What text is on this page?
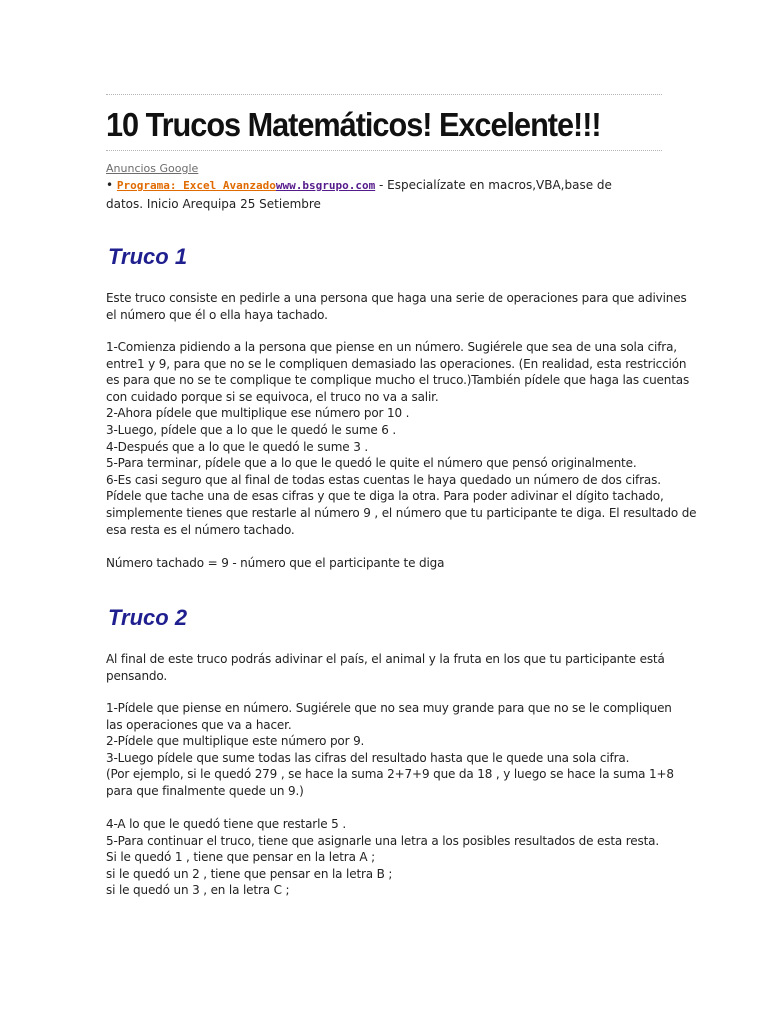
10 Trucos Matemáticos! Excelente!!!
Anuncios Google
• Programa: Excel Avanzadowww.bsgrupo.com - Especialízate en macros,VBA,base de
datos. Inicio Arequipa 25 Setiembre
Truco 1
Este truco consiste en pedirle a una persona que haga una serie de operaciones para que adivines
el número que él o ella haya tachado.
1-Comienza pidiendo a la persona que piense en un número. Sugiérele que sea de una sola cifra,
entre1 y 9, para que no se le compliquen demasiado las operaciones. (En realidad, esta restricción
es para que no se te complique te complique mucho el truco.)También pídele que haga las cuentas
con cuidado porque si se equivoca, el truco no va a salir.
2-Ahora pídele que multiplique ese número por 10 .
3-Luego, pídele que a lo que le quedó le sume 6 .
4-Después que a lo que le quedó le sume 3 .
5-Para terminar, pídele que a lo que le quedó le quite el número que pensó originalmente.
6-Es casi seguro que al final de todas estas cuentas le haya quedado un número de dos cifras.
Pídele que tache una de esas cifras y que te diga la otra. Para poder adivinar el dígito tachado,
simplemente tienes que restarle al número 9 , el número que tu participante te diga. El resultado de
esa resta es el número tachado.
Número tachado = 9 - número que el participante te diga
Truco 2
Al final de este truco podrás adivinar el país, el animal y la fruta en los que tu participante está
pensando.
1-Pídele que piense en número. Sugiérele que no sea muy grande para que no se le compliquen
las operaciones que va a hacer.
2-Pídele que multiplique este número por 9.
3-Luego pídele que sume todas las cifras del resultado hasta que le quede una sola cifra.
(Por ejemplo, si le quedó 279 , se hace la suma 2+7+9 que da 18 , y luego se hace la suma 1+8
para que finalmente quede un 9.)
4-A lo que le quedó tiene que restarle 5 .
5-Para continuar el truco, tiene que asignarle una letra a los posibles resultados de esta resta.
Si le quedó 1 , tiene que pensar en la letra A ;
si le quedó un 2 , tiene que pensar en la letra B ;
si le quedó un 3 , en la letra C ;
